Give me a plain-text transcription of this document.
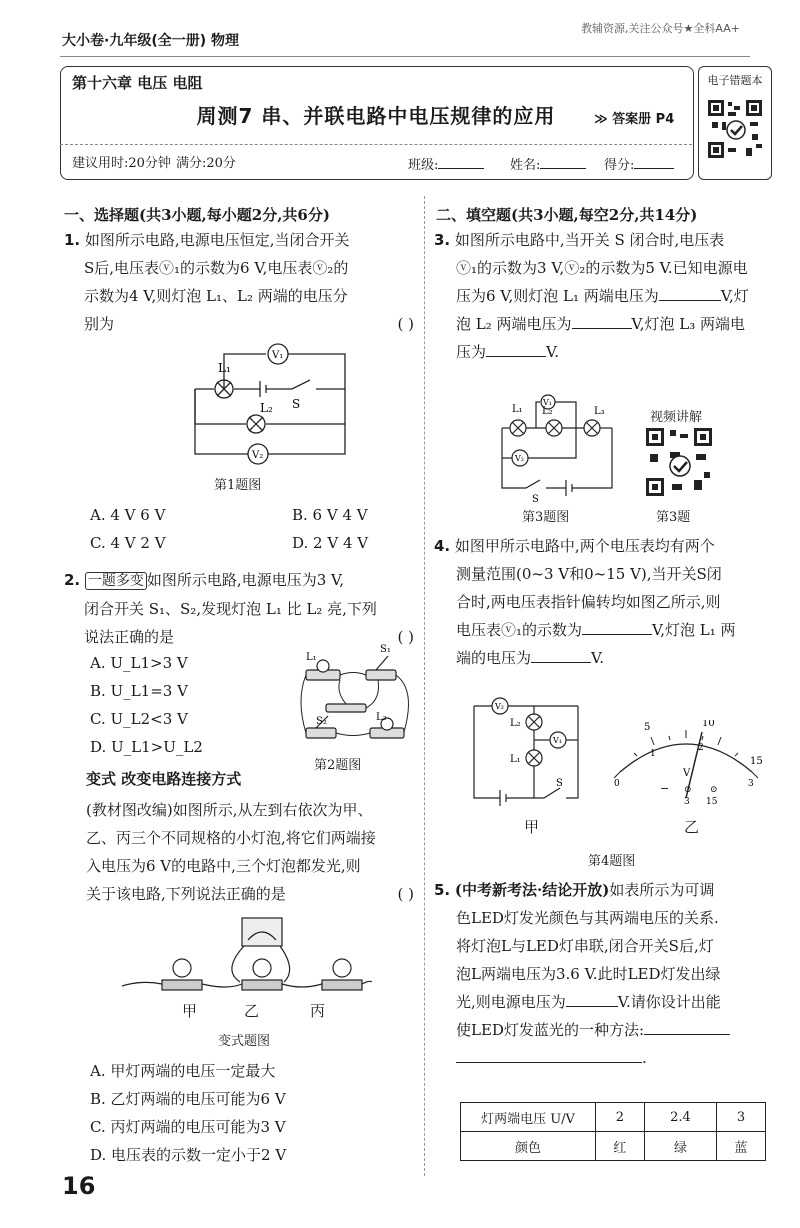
大小卷·九年级(全一册) 物理
教辅资源,关注公众号★全科AA+
第十六章 电压 电阻
周测7 串、并联电路中电压规律的应用	≫ 答案册 P4
建议用时:20分钟 满分:20分	班级:	姓名:	得分:
电子错题本
一、选择题(共3小题,每小题2分,共6分)
1. 如图所示电路,电源电压恒定,当闭合开关
S后,电压表ⓥ₁的示数为6 V,电压表ⓥ₂的
示数为4 V,则灯泡 L₁、L₂ 两端的电压分
别为	( )
V₁
V₂
L₁
L₂ S
第1题图
A. 4 V 6 V	B. 6 V 4 V
C. 4 V 2 V	D. 2 V 4 V
2. 一题多变 如图所示电路,电源电压为3 V,
闭合开关 S₁、S₂,发现灯泡 L₁ 比 L₂ 亮,下列
说法正确的是	( )
A. U_L1>3 V
B. U_L1=3 V
C. U_L2<3 V
D. U_L1>U_L2
L₁
S₁
S₂	L₂
第2题图
变式 改变电路连接方式
(教材图改编)如图所示,从左到右依次为甲、
乙、丙三个不同规格的小灯泡,将它们两端接
入电压为6 V的电路中,三个灯泡都发光,则
关于该电路,下列说法正确的是	( )
甲	乙	丙
变式题图
A. 甲灯两端的电压一定最大
B. 乙灯两端的电压可能为6 V
C. 丙灯两端的电压可能为3 V
D. 电压表的示数一定小于2 V
16
二、填空题(共3小题,每空2分,共14分)
3. 如图所示电路中,当开关 S 闭合时,电压表
ⓥ₁的示数为3 V,ⓥ₂的示数为5 V.已知电源电
压为6 V,则灯泡 L₁ 两端电压为	V,灯
泡 L₂ 两端电压为	V,灯泡 L₃ 两端电
压为	V.
L₁ L₂	L₃
V₁
V₂
S
视频讲解
第3题图	第3题
4. 如图甲所示电路中,两个电压表均有两个
测量范围(0~3 V和0~15 V),当开关S闭
合时,两电压表指针偏转均如图乙所示,则
电压表ⓥ₁的示数为	V,灯泡 L₁ 两
端的电压为	V.
V₂
V₁
L₂
L₁
S
5	10
15
0
1
2
3
V
− ⊙ ⊙
3 15
甲	乙
第4题图
5. (中考新考法·结论开放)如表所示为可调
色LED灯发光颜色与其两端电压的关系.
将灯泡L与LED灯串联,闭合开关S后,灯
泡L两端电压为3.6 V.此时LED灯发出绿
光,则电源电压为	V.请你设计出能
使LED灯发蓝光的一种方法:
.
灯两端电压 U/V	2	2.4	3
颜色	红	绿	蓝
